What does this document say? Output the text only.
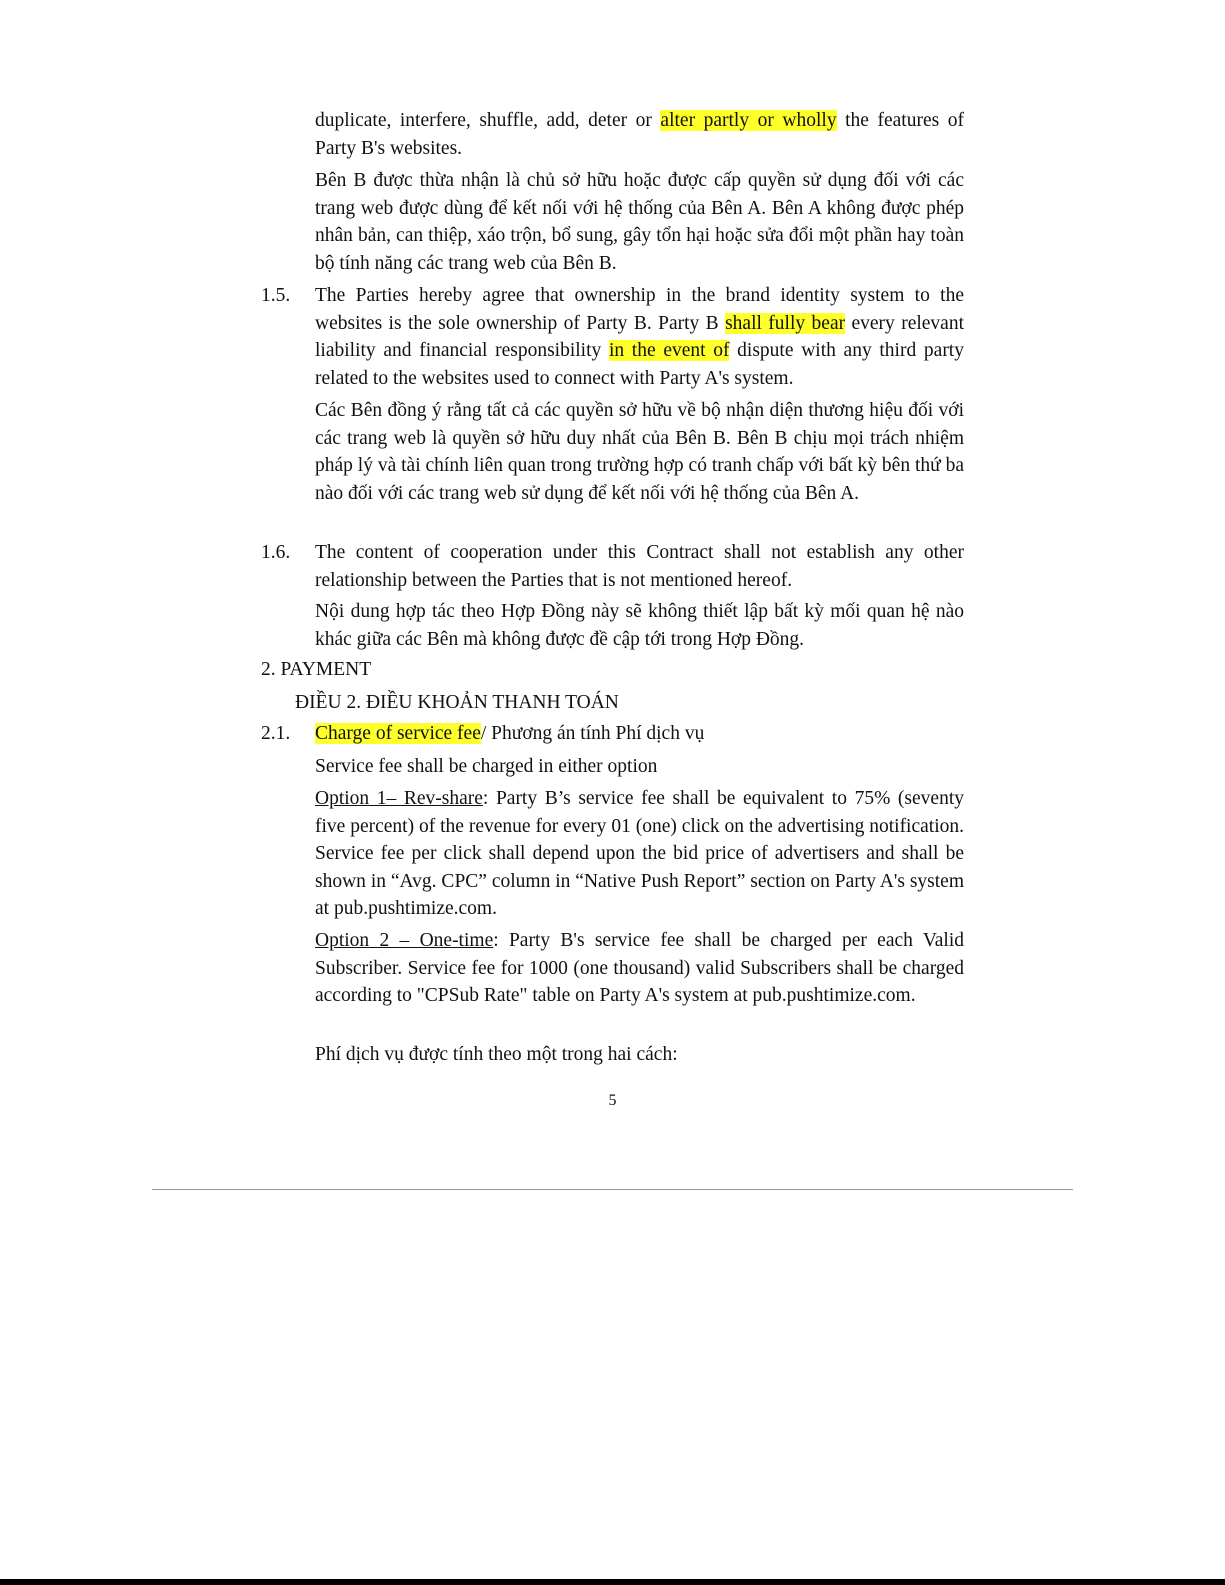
duplicate, interfere, shuffle, add, deter or alter partly or wholly the features of Party B's websites.

Bên B được thừa nhận là chủ sở hữu hoặc được cấp quyền sử dụng đối với các trang web được dùng để kết nối với hệ thống của Bên A. Bên A không được phép nhân bản, can thiệp, xáo trộn, bổ sung, gây tổn hại hoặc sửa đổi một phần hay toàn bộ tính năng các trang web của Bên B.

1.5. The Parties hereby agree that ownership in the brand identity system to the websites is the sole ownership of Party B. Party B shall fully bear every relevant liability and financial responsibility in the event of dispute with any third party related to the websites used to connect with Party A's system.

Các Bên đồng ý rằng tất cả các quyền sở hữu về bộ nhận diện thương hiệu đối với các trang web là quyền sở hữu duy nhất của Bên B. Bên B chịu mọi trách nhiệm pháp lý và tài chính liên quan trong trường hợp có tranh chấp với bất kỳ bên thứ ba nào đối với các trang web sử dụng để kết nối với hệ thống của Bên A.

1.6. The content of cooperation under this Contract shall not establish any other relationship between the Parties that is not mentioned hereof.

Nội dung hợp tác theo Hợp Đồng này sẽ không thiết lập bất kỳ mối quan hệ nào khác giữa các Bên mà không được đề cập tới trong Hợp Đồng.

2. PAYMENT

ĐIỀU 2. ĐIỀU KHOẢN THANH TOÁN

2.1. Charge of service fee/ Phương án tính Phí dịch vụ

Service fee shall be charged in either option

Option 1– Rev-share: Party B’s service fee shall be equivalent to 75% (seventy five percent) of the revenue for every 01 (one) click on the advertising notification. Service fee per click shall depend upon the bid price of advertisers and shall be shown in “Avg. CPC” column in “Native Push Report” section on Party A's system at pub.pushtimize.com.

Option 2 – One-time: Party B's service fee shall be charged per each Valid Subscriber. Service fee for 1000 (one thousand) valid Subscribers shall be charged according to "CPSub Rate" table on Party A's system at pub.pushtimize.com.

Phí dịch vụ được tính theo một trong hai cách:

5
